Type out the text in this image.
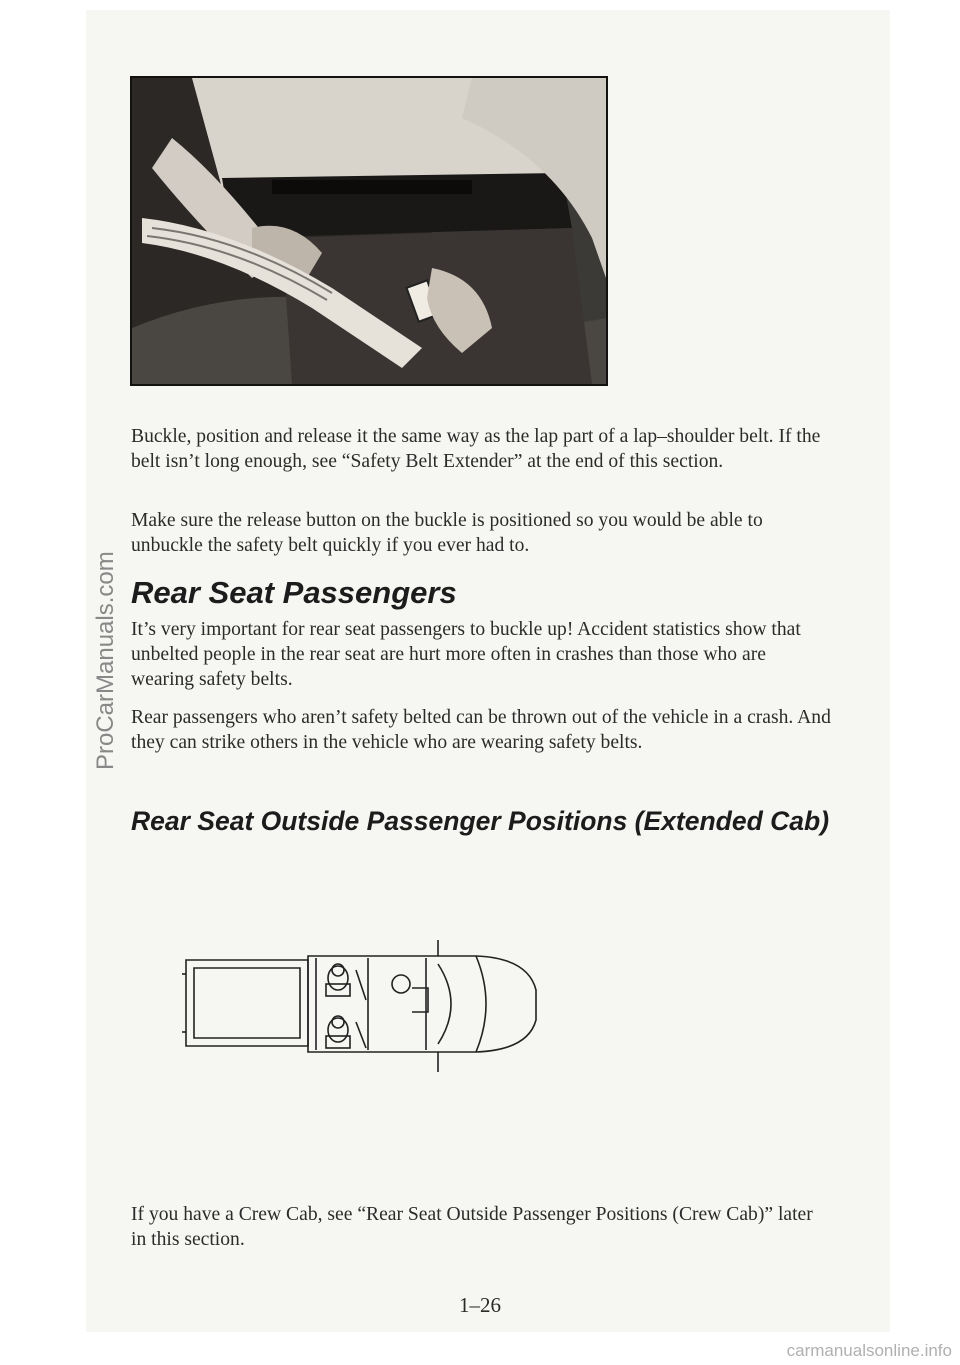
Buckle, position and release it the same way as the lap part of a lap–shoulder belt. If the belt isn’t long enough, see “Safety Belt Extender” at the end of this section.

Make sure the release button on the buckle is positioned so you would be able to unbuckle the safety belt quickly if you ever had to.

Rear Seat Passengers

It’s very important for rear seat passengers to buckle up! Accident statistics show that unbelted people in the rear seat are hurt more often in crashes than those who are wearing safety belts.

Rear passengers who aren’t safety belted can be thrown out of the vehicle in a crash. And they can strike others in the vehicle who are wearing safety belts.

Rear Seat Outside Passenger Positions (Extended Cab)

If you have a Crew Cab, see “Rear Seat Outside Passenger Positions (Crew Cab)” later in this section.

1–26
ProCarManuals.com
carmanualsonline.info
